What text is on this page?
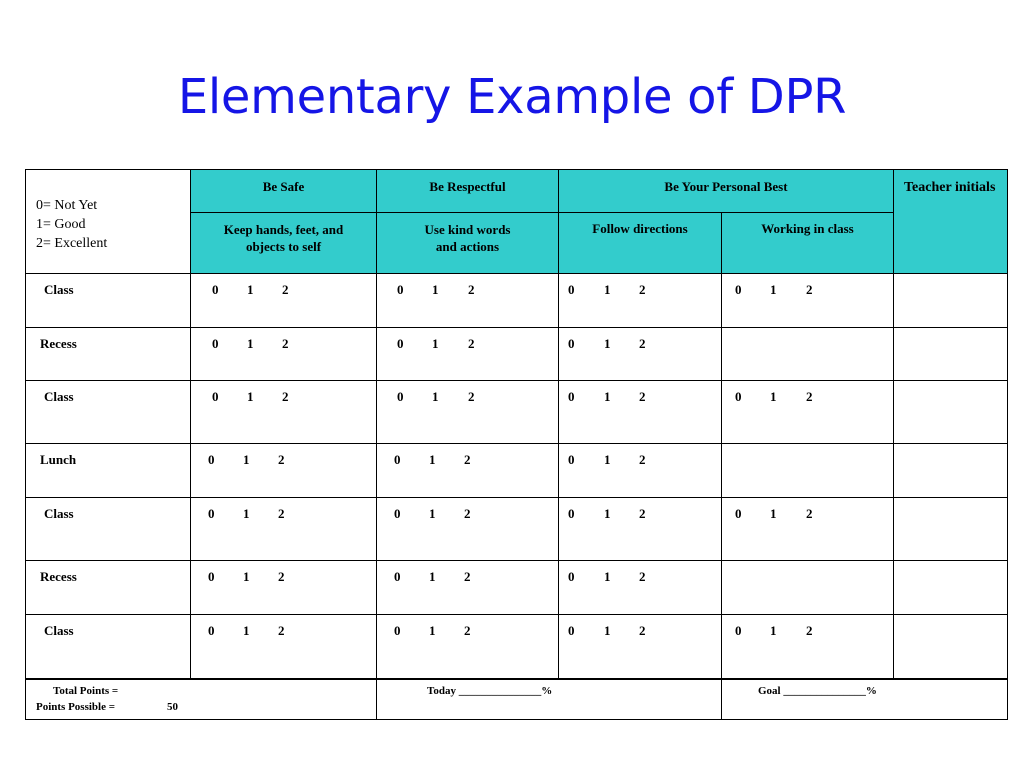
Elementary Example of DPR
0= Not Yet
1= Good
2= Excellent
Be Safe	Be Respectful	Be Your Personal Best	Teacher initials
Keep hands, feet, and
objects to self
Use kind words
and actions
Follow directions	Working in class
Total Points =
Points Possible =	50
Today _______________%	Goal _______________%
Class	0 1 2	0 1 2	0 1 2	0 1 2
Recess	0 1 2	0 1 2	0 1 2
Class	0 1 2	0 1 2	0 1 2	0 1 2
Lunch	0 1 2	0 1 2	0 1 2
Class	0 1 2	0 1 2	0 1 2	0 1 2
Recess	0 1 2	0 1 2	0 1 2
Class	0 1 2	0 1 2	0 1 2	0 1 2
